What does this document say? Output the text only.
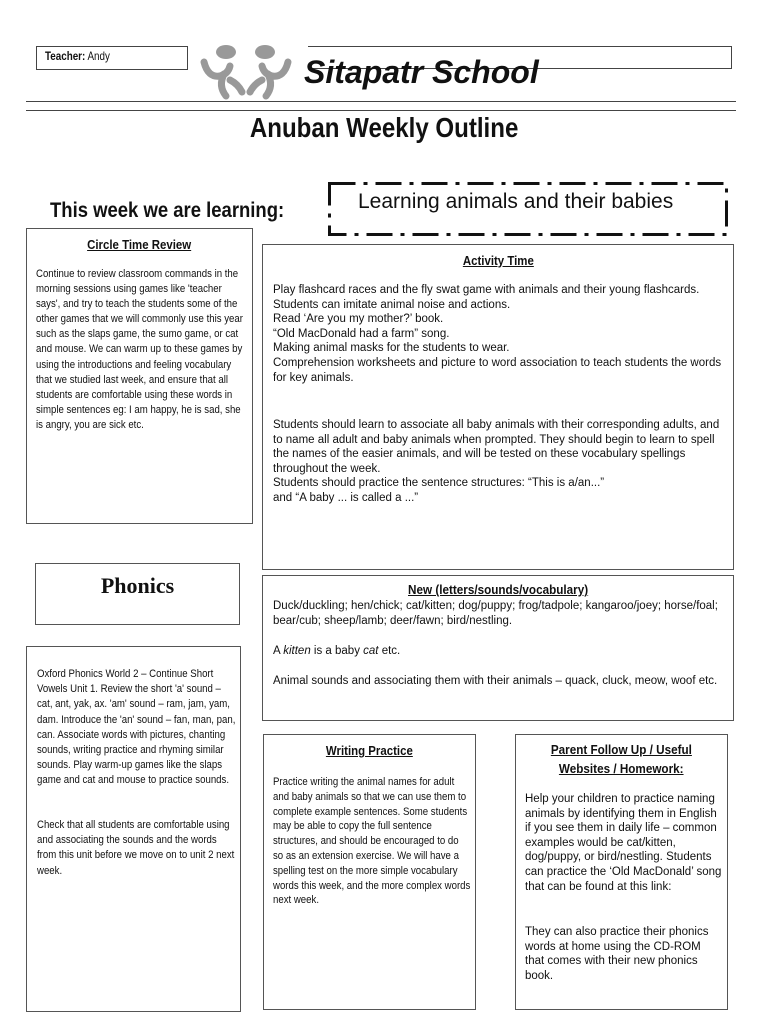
Teacher: Andy	Sitapatr School
Anuban Weekly Outline
This week we are learning:	Learning animals and their babies
Circle Time Review
Continue to review classroom commands in the morning sessions using games like 'teacher says', and try to teach the students some of the other games that we will commonly use this year such as the slaps game, the sumo game, or cat and mouse. We can warm up to these games by using the introductions and feeling vocabulary that we studied last week, and ensure that all students are comfortable using these words in simple sentences eg: I am happy, he is sad, she is angry, you are sick etc.
Activity Time
Play flashcard races and the fly swat game with animals and their young flashcards.
Students can imitate animal noise and actions.
Read ‘Are you my mother?’ book.
“Old MacDonald had a farm” song.
Making animal masks for the students to wear.
Comprehension worksheets and picture to word association to teach students the words for key animals.
Students should learn to associate all baby animals with their corresponding adults, and to name all adult and baby animals when prompted. They should begin to learn to spell the names of the easier animals, and will be tested on these vocabulary spellings throughout the week.
Students should practice the sentence structures: “This is a/an...”
and “A baby ... is called a ...”
Phonics
Oxford Phonics World 2 – Continue Short Vowels Unit 1. Review the short 'a' sound – cat, ant, yak, ax. 'am' sound – ram, jam, yam, dam. Introduce the 'an' sound – fan, man, pan, can. Associate words with pictures, chanting sounds, writing practice and rhyming similar sounds. Play warm-up games like the slaps game and cat and mouse to practice sounds.
Check that all students are comfortable using and associating the sounds and the words from this unit before we move on to unit 2 next week.
New (letters/sounds/vocabulary)
Duck/duckling; hen/chick; cat/kitten; dog/puppy; frog/tadpole; kangaroo/joey; horse/foal; bear/cub; sheep/lamb; deer/fawn; bird/nestling.
A kitten is a baby cat etc.
Animal sounds and associating them with their animals – quack, cluck, meow, woof etc.
Writing Practice
Practice writing the animal names for adult and baby animals so that we can use them to complete example sentences. Some students may be able to copy the full sentence structures, and should be encouraged to do so as an extension exercise. We will have a spelling test on the more simple vocabulary words this week, and the more complex words next week.
Parent Follow Up / Useful
Websites / Homework:
Help your children to practice naming animals by identifying them in English if you see them in daily life – common examples would be cat/kitten, dog/puppy, or bird/nestling. Students can practice the ‘Old MacDonald’ song that can be found at this link:
They can also practice their phonics words at home using the CD-ROM that comes with their new phonics book.
